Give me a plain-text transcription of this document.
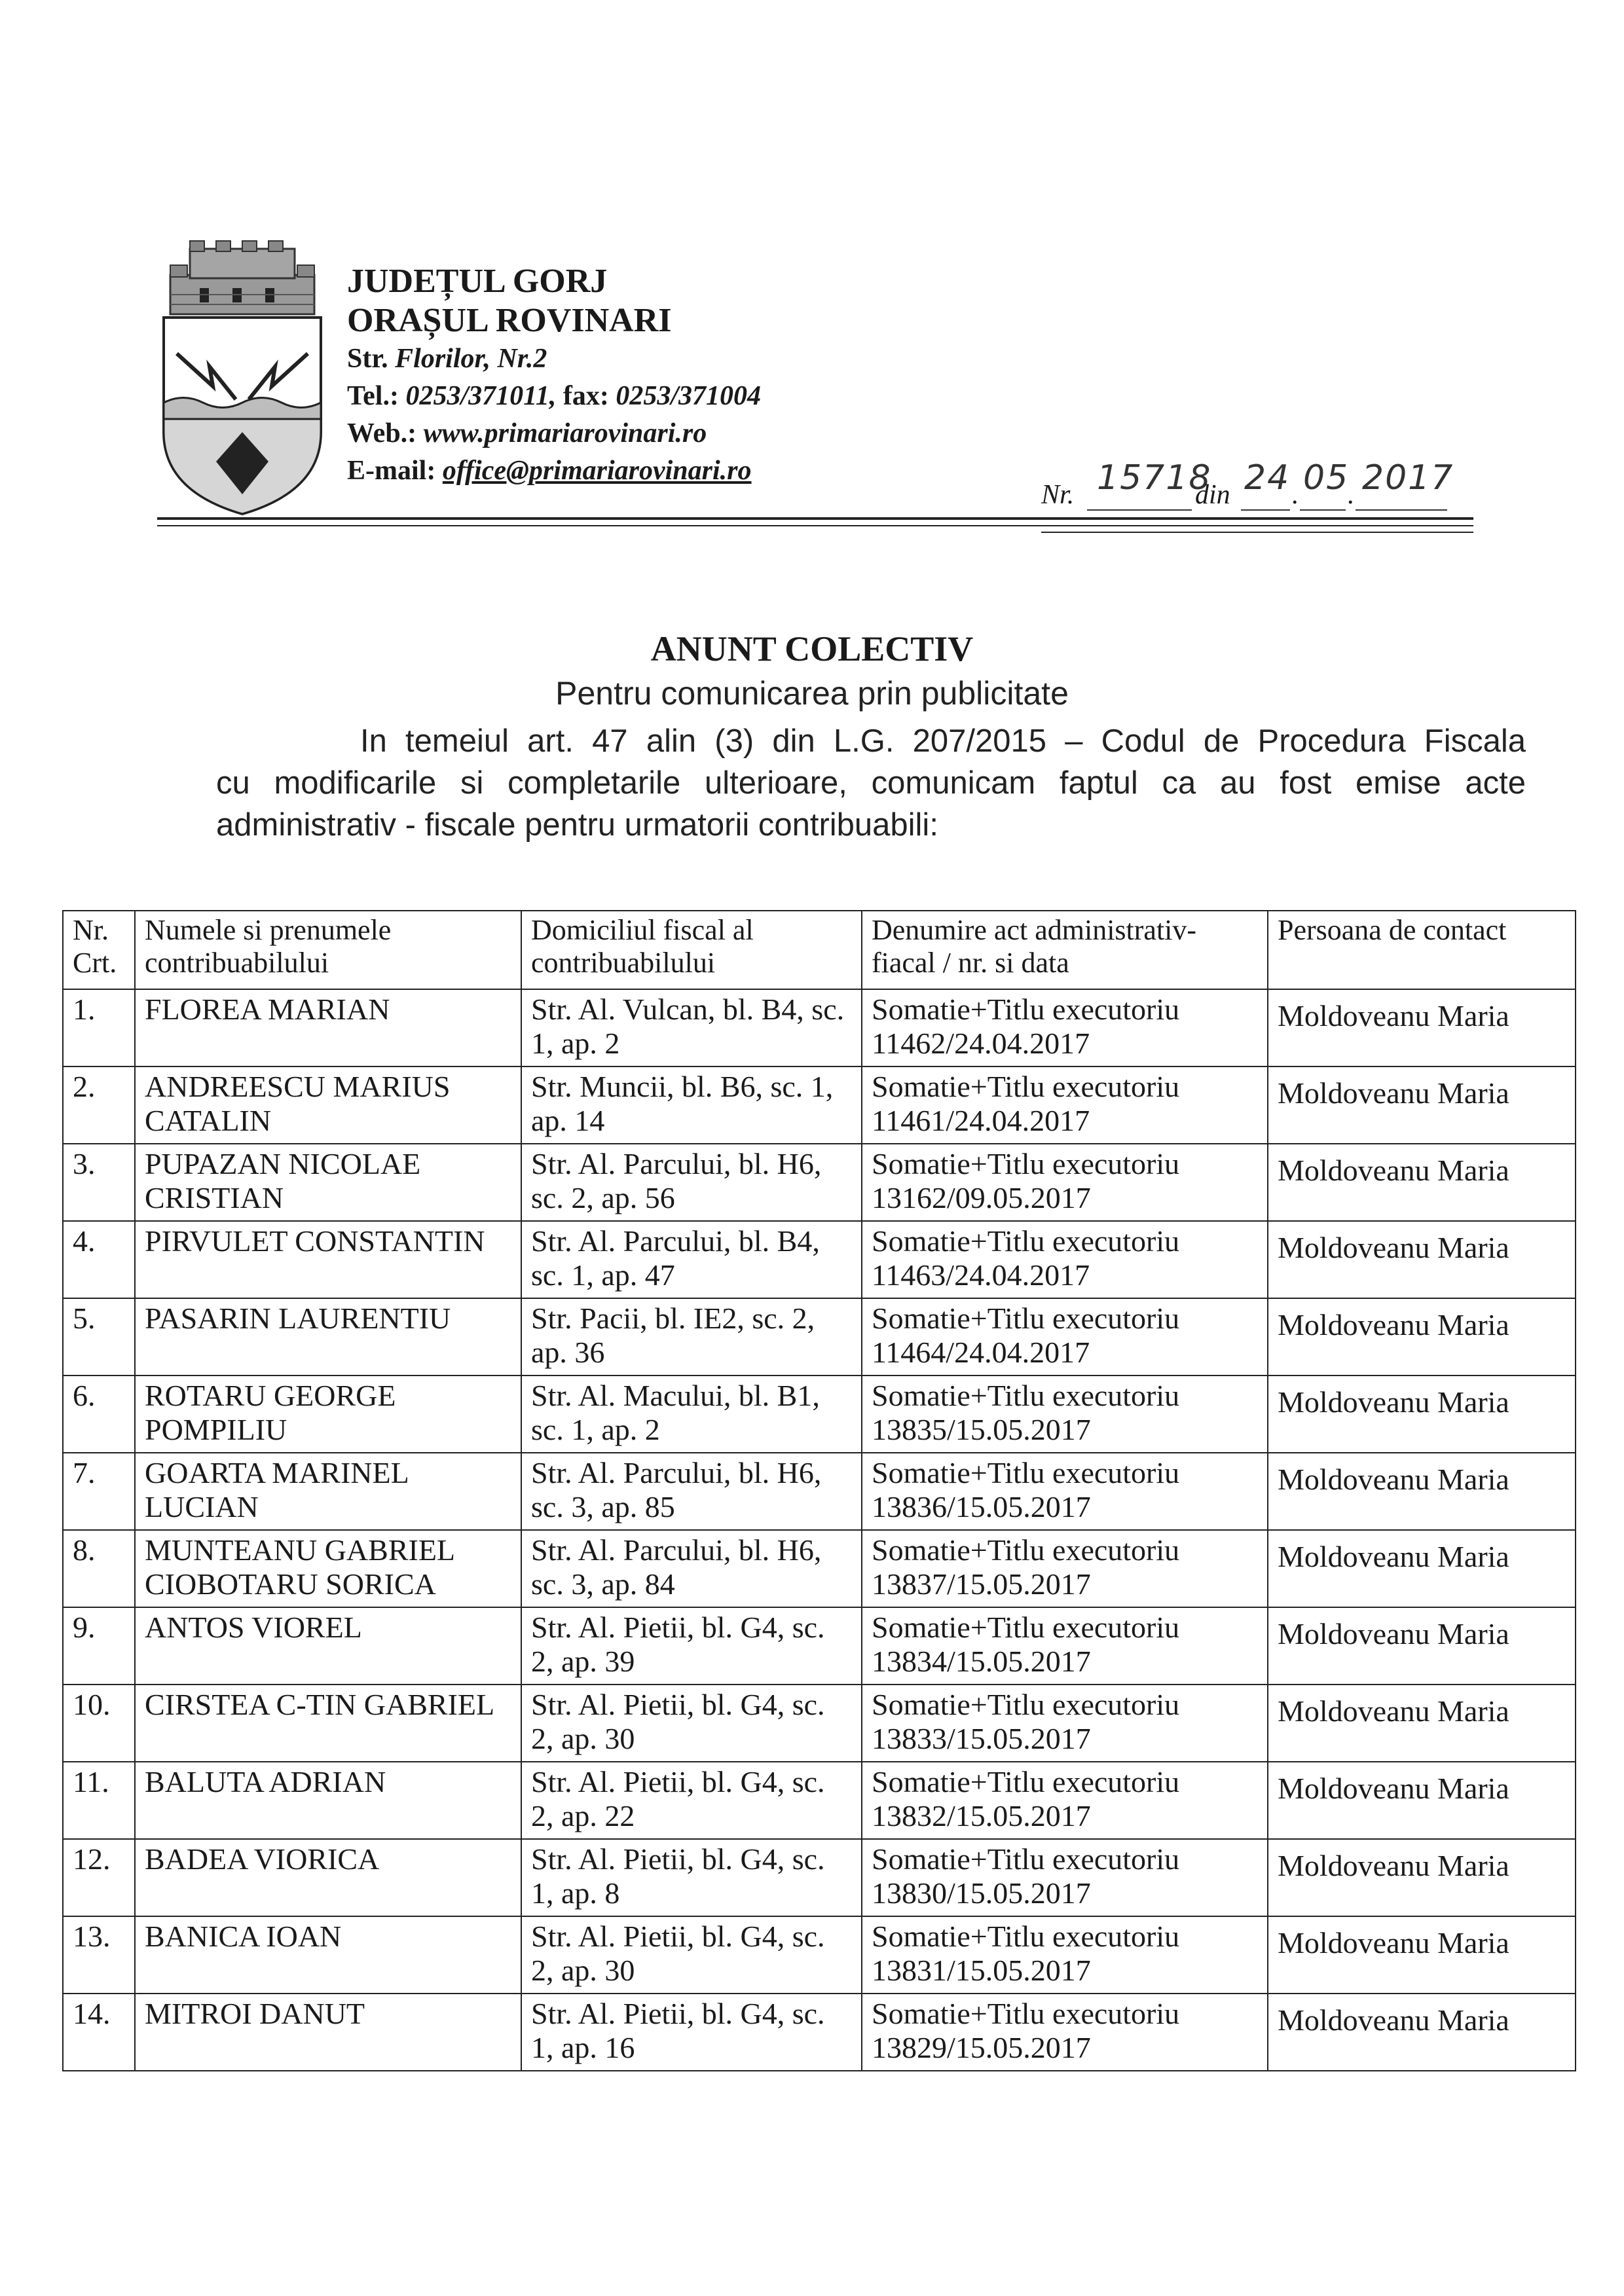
JUDEȚUL GORJ
ORAȘUL ROVINARI
Str. Florilor, Nr.2
Tel.: 0253/371011, fax: 0253/371004
Web.: www.primariarovinari.ro
E-mail: office@primariarovinari.ro
Nr. 15718
din 24 . 05
. 2017
ANUNT COLECTIV
Pentru comunicarea prin publicitate
In temeiul art. 47 alin (3) din L.G. 207/2015 – Codul de Procedura Fiscala
cu modificarile si completarile ulterioare, comunicam faptul ca au fost emise acte
administrativ - fiscale pentru urmatorii contribuabili:
Nr. Crt.	Numele si prenumele contribuabilului	Domiciliul fiscal al contribuabilului	Denumire act administrativ-fiacal / nr. si data	Persoana de contact
1.	FLOREA MARIAN	Str. Al. Vulcan, bl. B4, sc. 1, ap. 2	Somatie+Titlu executoriu 11462/24.04.2017	Moldoveanu Maria
2.	ANDREESCU MARIUS CATALIN	Str. Muncii, bl. B6, sc. 1, ap. 14	Somatie+Titlu executoriu 11461/24.04.2017	Moldoveanu Maria
3.	PUPAZAN NICOLAE CRISTIAN	Str. Al. Parcului, bl. H6, sc. 2, ap. 56	Somatie+Titlu executoriu 13162/09.05.2017	Moldoveanu Maria
4.	PIRVULET CONSTANTIN	Str. Al. Parcului, bl. B4, sc. 1, ap. 47	Somatie+Titlu executoriu 11463/24.04.2017	Moldoveanu Maria
5.	PASARIN LAURENTIU	Str. Pacii, bl. IE2, sc. 2, ap. 36	Somatie+Titlu executoriu 11464/24.04.2017	Moldoveanu Maria
6.	ROTARU GEORGE POMPILIU	Str. Al. Macului, bl. B1, sc. 1, ap. 2	Somatie+Titlu executoriu 13835/15.05.2017	Moldoveanu Maria
7.	GOARTA MARINEL LUCIAN	Str. Al. Parcului, bl. H6, sc. 3, ap. 85	Somatie+Titlu executoriu 13836/15.05.2017	Moldoveanu Maria
8.	MUNTEANU GABRIEL CIOBOTARU SORICA	Str. Al. Parcului, bl. H6, sc. 3, ap. 84	Somatie+Titlu executoriu 13837/15.05.2017	Moldoveanu Maria
9.	ANTOS VIOREL	Str. Al. Pietii, bl. G4, sc. 2, ap. 39	Somatie+Titlu executoriu 13834/15.05.2017	Moldoveanu Maria
10.	CIRSTEA C-TIN GABRIEL	Str. Al. Pietii, bl. G4, sc. 2, ap. 30	Somatie+Titlu executoriu 13833/15.05.2017	Moldoveanu Maria
11.	BALUTA ADRIAN	Str. Al. Pietii, bl. G4, sc. 2, ap. 22	Somatie+Titlu executoriu 13832/15.05.2017	Moldoveanu Maria
12.	BADEA VIORICA	Str. Al. Pietii, bl. G4, sc. 1, ap. 8	Somatie+Titlu executoriu 13830/15.05.2017	Moldoveanu Maria
13.	BANICA IOAN	Str. Al. Pietii, bl. G4, sc. 2, ap. 30	Somatie+Titlu executoriu 13831/15.05.2017	Moldoveanu Maria
14.	MITROI DANUT	Str. Al. Pietii, bl. G4, sc. 1, ap. 16	Somatie+Titlu executoriu 13829/15.05.2017	Moldoveanu Maria
